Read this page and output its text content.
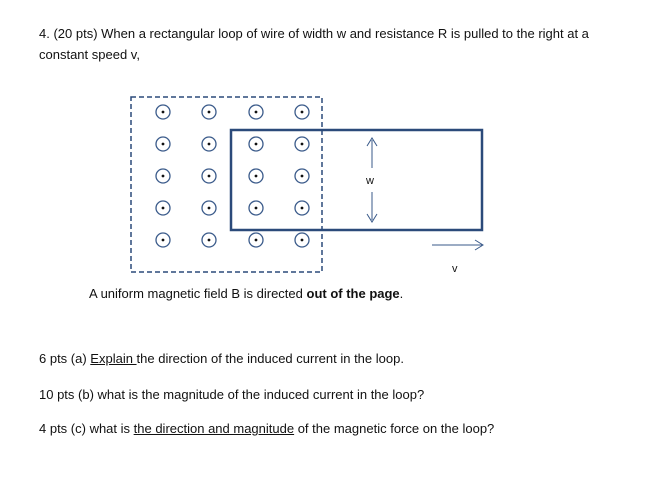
4. (20 pts) When a rectangular loop of wire of width w and resistance R is pulled to the right at a
constant speed v,
w
v
A uniform magnetic field B is directed out of the page.
6 pts (a) Explain the direction of the induced current in the loop.
10 pts (b) what is the magnitude of the induced current in the loop?
4 pts (c) what is the direction and magnitude of the magnetic force on the loop?
